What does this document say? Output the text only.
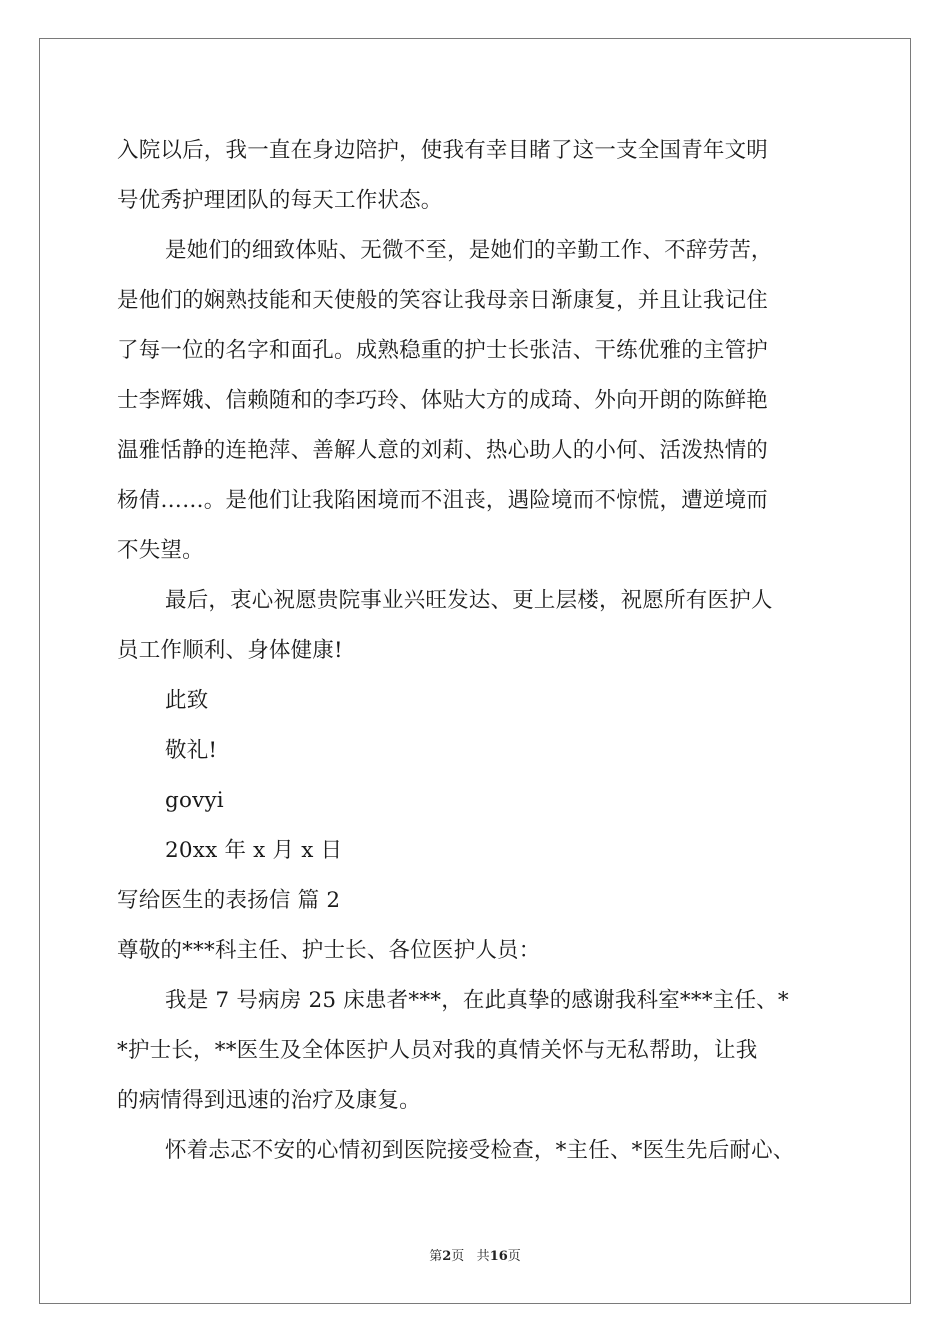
入院以后，我一直在身边陪护，使我有幸目睹了这一支全国青年文明
号优秀护理团队的每天工作状态。
是她们的细致体贴、无微不至，是她们的辛勤工作、不辞劳苦，
是他们的娴熟技能和天使般的笑容让我母亲日渐康复，并且让我记住
了每一位的名字和面孔。成熟稳重的护士长张洁、干练优雅的主管护
士李辉娥、信赖随和的李巧玲、体贴大方的成琦、外向开朗的陈鲜艳
温雅恬静的连艳萍、善解人意的刘莉、热心助人的小何、活泼热情的
杨倩……。是他们让我陷困境而不沮丧，遇险境而不惊慌，遭逆境而
不失望。
最后，衷心祝愿贵院事业兴旺发达、更上层楼，祝愿所有医护人
员工作顺利、身体健康!
此致
敬礼!
govyi
20xx 年 x 月 x 日
写给医生的表扬信 篇 2
尊敬的***科主任、护士长、各位医护人员：
我是 7 号病房 25 床患者***，在此真挚的感谢我科室***主任、*
*护士长，**医生及全体医护人员对我的真情关怀与无私帮助，让我
的病情得到迅速的治疗及康复。
怀着忐忑不安的心情初到医院接受检查，*主任、*医生先后耐心、
第2页 共16页
